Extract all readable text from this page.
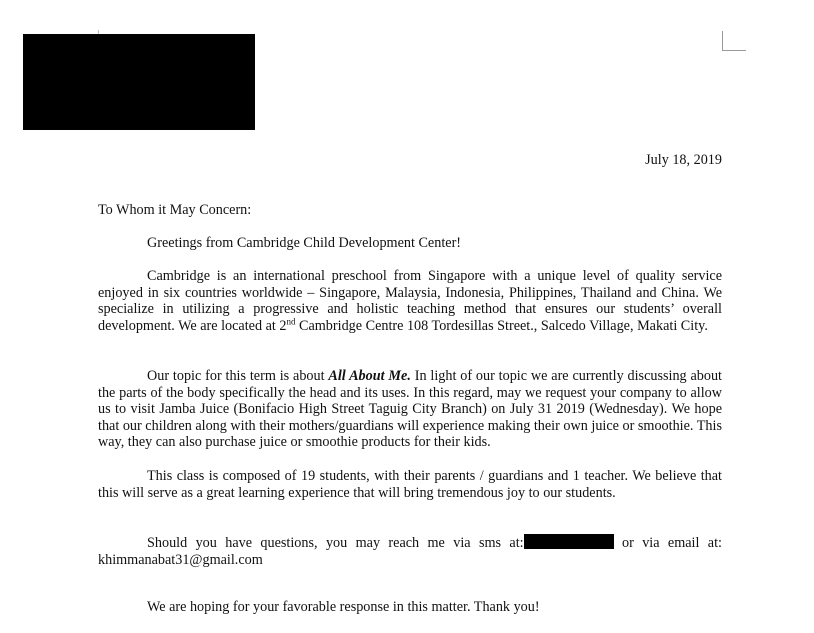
July 18, 2019
To Whom it May Concern:

Greetings from Cambridge Child Development Center!

Cambridge is an international preschool from Singapore with a unique level of quality service enjoyed in six countries worldwide – Singapore, Malaysia, Indonesia, Philippines, Thailand and China. We specialize in utilizing a progressive and holistic teaching method that ensures our students’ overall development. We are located at 2nd Cambridge Centre 108 Tordesillas Street., Salcedo Village, Makati City.

Our topic for this term is about All About Me. In light of our topic we are currently discussing about the parts of the body specifically the head and its uses. In this regard, may we request your company to allow us to visit Jamba Juice (Bonifacio High Street Taguig City Branch) on July 31 2019 (Wednesday). We hope that our children along with their mothers/guardians will experience making their own juice or smoothie. This way, they can also purchase juice or smoothie products for their kids.

This class is composed of 19 students, with their parents / guardians and 1 teacher. We believe that this will serve as a great learning experience that will bring tremendous joy to our students.

Should you have questions, you may reach me via sms at:	or via email at: khimmanabat31@gmail.com

We are hoping for your favorable response in this matter. Thank you!
